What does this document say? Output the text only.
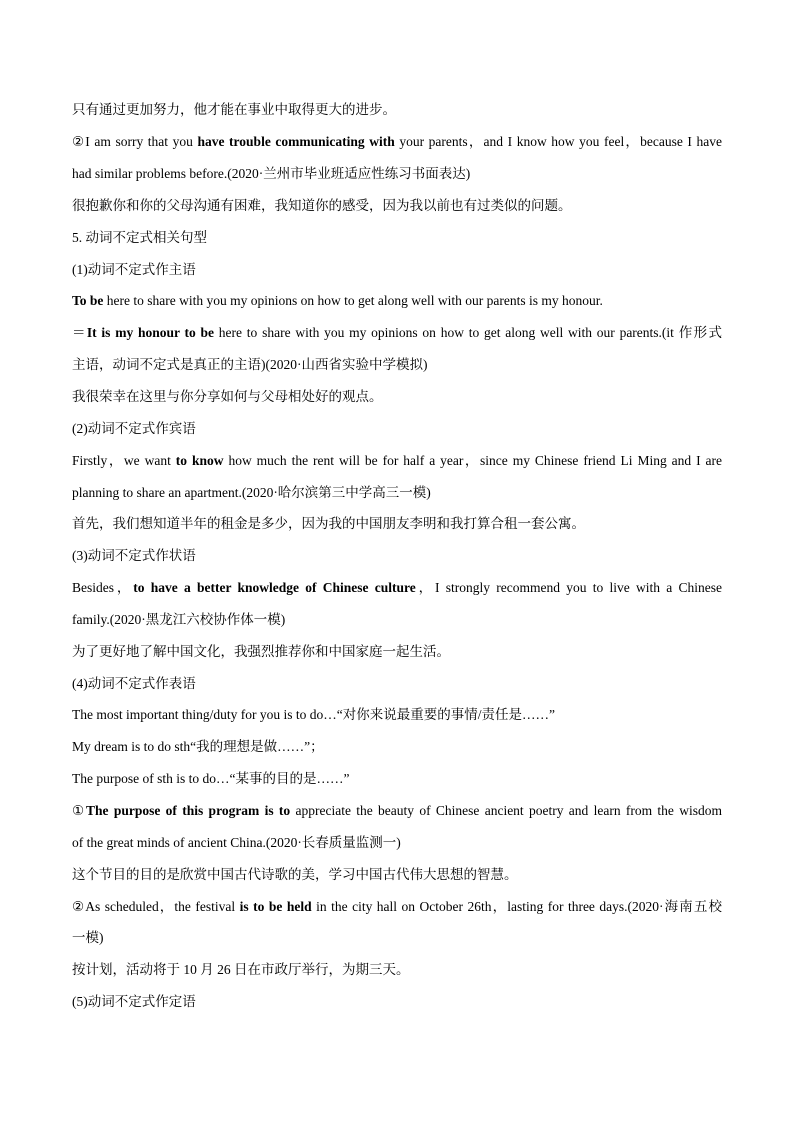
只有通过更加努力，他才能在事业中取得更大的进步。
②I am sorry that you have trouble communicating with your parents，and I know how you feel，because I have
had similar problems before.(2020·兰州市毕业班适应性练习书面表达)
很抱歉你和你的父母沟通有困难，我知道你的感受，因为我以前也有过类似的问题。
5. 动词不定式相关句型
(1)动词不定式作主语
To be here to share with you my opinions on how to get along well with our parents is my honour.
＝It is my honour to be here to share with you my opinions on how to get along well with our parents.(it 作形式
主语，动词不定式是真正的主语)(2020·山西省实验中学模拟)
我很荣幸在这里与你分享如何与父母相处好的观点。
(2)动词不定式作宾语
Firstly，we want to know how much the rent will be for half a year，since my Chinese friend Li Ming and I are
planning to share an apartment.(2020·哈尔滨第三中学高三一模)
首先，我们想知道半年的租金是多少，因为我的中国朋友李明和我打算合租一套公寓。
(3)动词不定式作状语
Besides，to have a better knowledge of Chinese culture，I strongly recommend you to live with a Chinese
family.(2020·黑龙江六校协作体一模)
为了更好地了解中国文化，我强烈推荐你和中国家庭一起生活。
(4)动词不定式作表语
The most important thing/duty for you is to do…“对你来说最重要的事情/责任是……”
My dream is to do sth“我的理想是做……”；
The purpose of sth is to do…“某事的目的是……”
①The purpose of this program is to appreciate the beauty of Chinese ancient poetry and learn from the wisdom
of the great minds of ancient China.(2020·长春质量监测一)
这个节目的目的是欣赏中国古代诗歌的美，学习中国古代伟大思想的智慧。
②As scheduled，the festival is to be held in the city hall on October 26th，lasting for three days.(2020·海南五校
一模)
按计划，活动将于 10 月 26 日在市政厅举行，为期三天。
(5)动词不定式作定语
